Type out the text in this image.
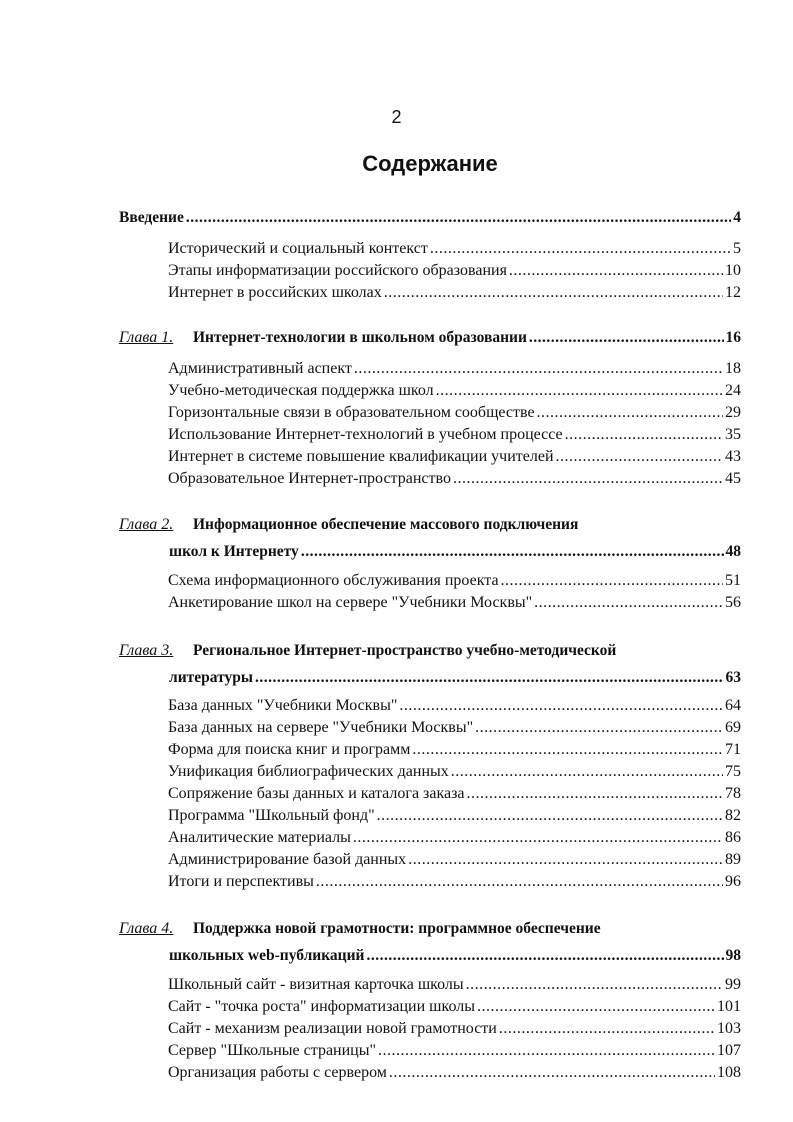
2
Содержание
Введение .....	4
Исторический и социальный контекст .....	5
Этапы информатизации российского образования .....	10
Интернет в российских школах .....	12
Глава 1. Интернет-технологии в школьном образовании .....	16
Административный аспект .....	18
Учебно-методическая поддержка школ .....	24
Горизонтальные связи в образовательном сообществе .....	29
Использование Интернет-технологий в учебном процессе .....	35
Интернет в системе повышение квалификации учителей .....	43
Образовательное Интернет-пространство .....	45
Глава 2. Информационное обеспечение массового подключения
школ к Интернету .....	48
Схема информационного обслуживания проекта .....	51
Анкетирование школ на сервере "Учебники Москвы" .....	56
Глава 3. Региональное Интернет-пространство учебно-методической
литературы .....	63
База данных "Учебники Москвы" .....	64
База данных на сервере "Учебники Москвы" .....	69
Форма для поиска книг и программ .....	71
Унификация библиографических данных .....	75
Сопряжение базы данных и каталога заказа .....	78
Программа "Школьный фонд" .....	82
Аналитические материалы .....	86
Администрирование базой данных .....	89
Итоги и перспективы .....	96
Глава 4. Поддержка новой грамотности: программное обеспечение
школьных web-публикаций .....	98
Школьный сайт - визитная карточка школы .....	99
Сайт - "точка роста" информатизации школы .....	101
Сайт - механизм реализации новой грамотности .....	103
Сервер "Школьные страницы" .....	107
Организация работы с сервером .....	108
